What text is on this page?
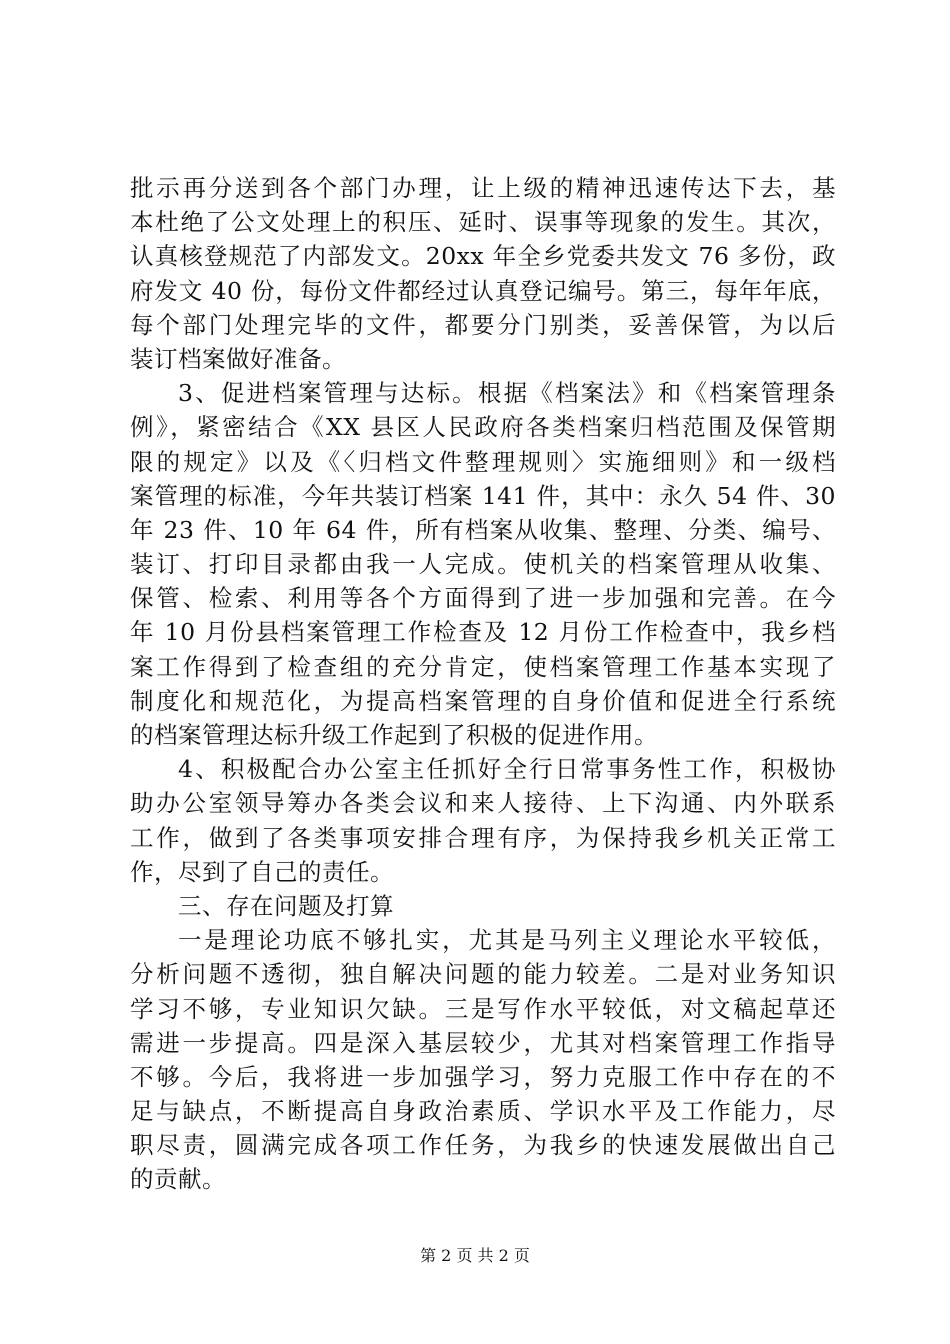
批示再分送到各个部门办理，让上级的精神迅速传达下去，基
本杜绝了公文处理上的积压、延时、误事等现象的发生。其次，
认真核登规范了内部发文。20xx 年全乡党委共发文 76 多份，政
府发文 40 份，每份文件都经过认真登记编号。第三，每年年底，
每个部门处理完毕的文件，都要分门别类，妥善保管，为以后
装订档案做好准备。
3、促进档案管理与达标。根据《档案法》和《档案管理条
例》，紧密结合《XX 县区人民政府各类档案归档范围及保管期
限的规定》以及《〈归档文件整理规则〉实施细则》和一级档
案管理的标准，今年共装订档案 141 件，其中：永久 54 件、30
年 23 件、10 年 64 件，所有档案从收集、整理、分类、编号、
装订、打印目录都由我一人完成。使机关的档案管理从收集、
保管、检索、利用等各个方面得到了进一步加强和完善。在今
年 10 月份县档案管理工作检查及 12 月份工作检查中，我乡档
案工作得到了检查组的充分肯定，使档案管理工作基本实现了
制度化和规范化，为提高档案管理的自身价值和促进全行系统
的档案管理达标升级工作起到了积极的促进作用。
4、积极配合办公室主任抓好全行日常事务性工作，积极协
助办公室领导筹办各类会议和来人接待、上下沟通、内外联系
工作，做到了各类事项安排合理有序，为保持我乡机关正常工
作，尽到了自己的责任。
三、存在问题及打算
一是理论功底不够扎实，尤其是马列主义理论水平较低，
分析问题不透彻，独自解决问题的能力较差。二是对业务知识
学习不够，专业知识欠缺。三是写作水平较低，对文稿起草还
需进一步提高。四是深入基层较少，尤其对档案管理工作指导
不够。今后，我将进一步加强学习，努力克服工作中存在的不
足与缺点，不断提高自身政治素质、学识水平及工作能力，尽
职尽责，圆满完成各项工作任务，为我乡的快速发展做出自己
的贡献。
第 2 页 共 2 页
